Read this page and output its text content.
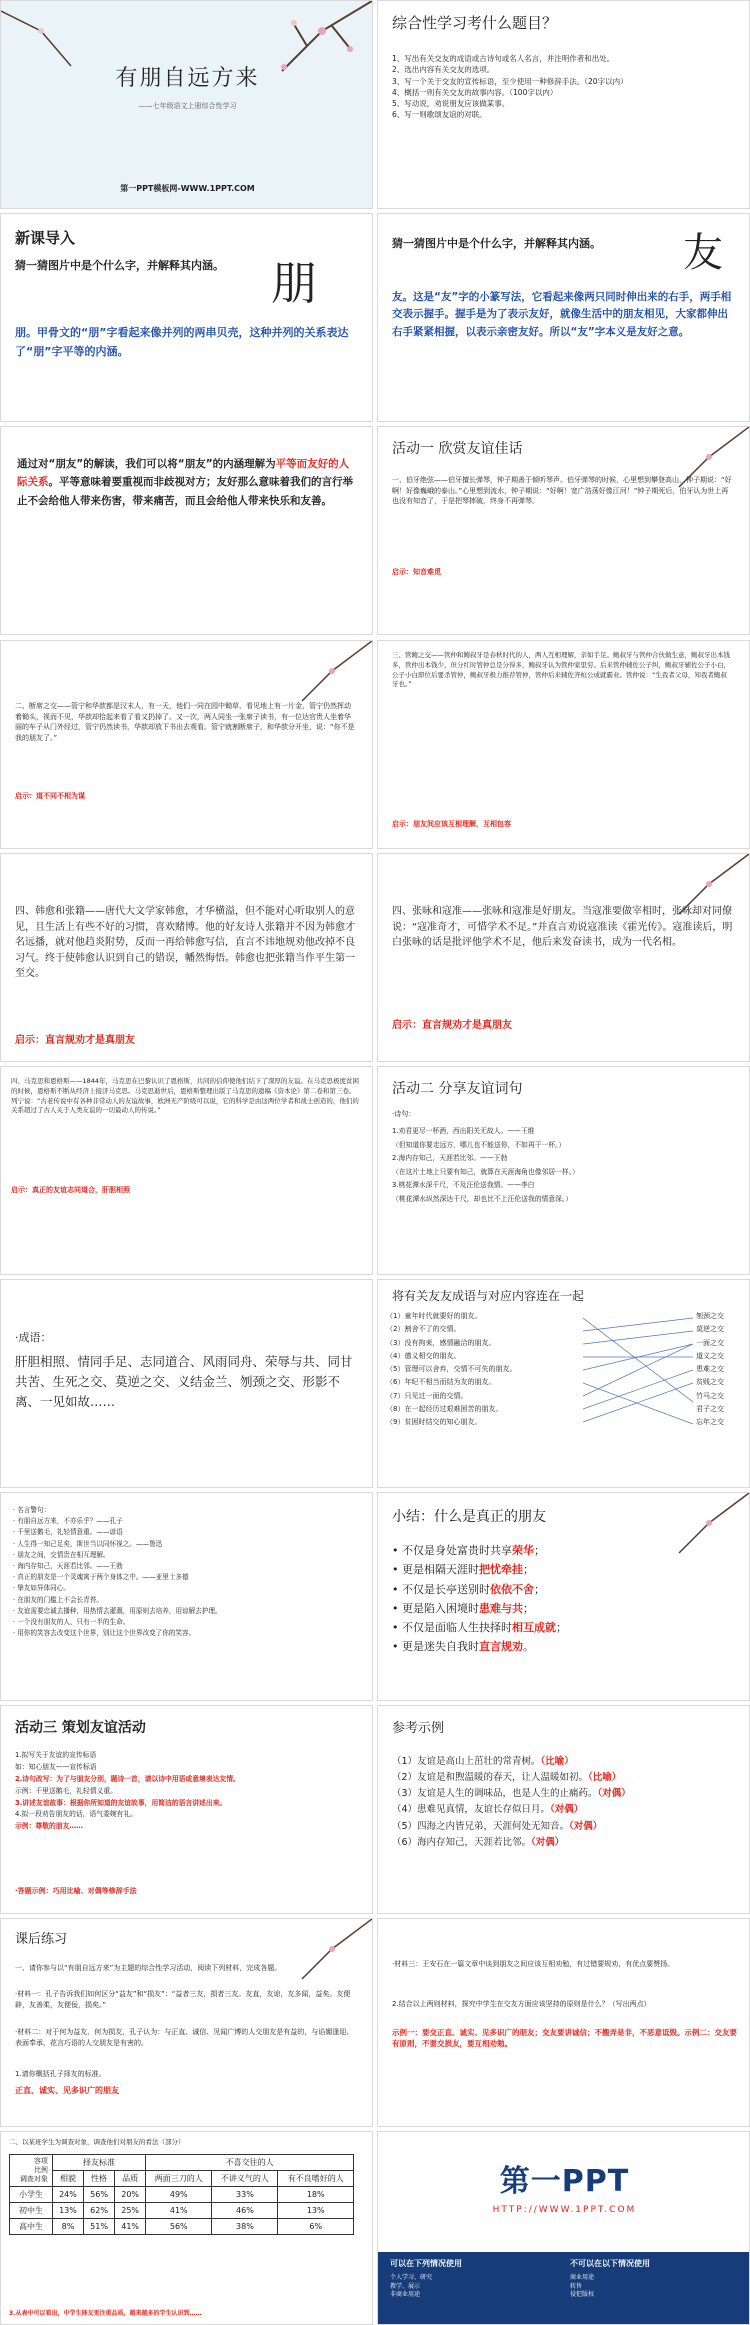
有朋自远方来
——七年级语文上册综合性学习
第一PPT模板网-WWW.1PPT.COM
综合性学习考什么题目？
1、写出有关交友的成语或古诗句或名人名言，并注明作者和出处。
2、选出内容有关交友的选项。
3、写一个关于交友的宣传标语，至少使用一种修辞手法。（20字以内）
4、概括一则有关交友的故事内容。（100字以内）
5、写动说，劝说朋友应该做某事。
6、写一则歌颂友谊的对联。
新课导入
猜一猜图片中是个什么字，并解释其内涵。	朋
朋。甲骨文的“朋”字看起来像并列的两串贝壳，这种并列的关系表达了“朋”字平等的内涵。
猜一猜图片中是个什么字，并解释其内涵。	友
友。这是“友”字的小篆写法，它看起来像两只同时伸出来的右手，两手相交表示握手。握手是为了表示友好，就像生活中的朋友相见，大家都伸出右手紧紧相握，以表示亲密友好。所以“友”字本义是友好之意。
通过对“朋友”的解读，我们可以将“朋友”的内涵理解为平等而友好的人际关系。平等意味着要重视而非歧视对方；友好那么意味着我们的言行举止不会给他人带来伤害，带来痛苦，而且会给他人带来快乐和友善。
活动一 欣赏友谊佳话
一、伯牙绝弦——伯牙擅长弹琴，钟子期善于倾听琴声。伯牙弹琴的时候，心里想到攀登高山，钟子期说：“好啊！好像巍峨的泰山。”心里想到流水，钟子期说：“好啊！宽广浩荡好像江河！”钟子期死后，伯牙认为世上再也没有知音了，于是把琴摔破，终身不再弹琴。
启示：知音难觅
二、断席之交——管宁和华歆都是汉末人，有一天，他们一同在园中锄草，看见地上有一片金，管宁仍然挥动着锄头，视而不见，华歆却拾起来看了看又扔掉了。又一次，两人同坐一张席子读书，有一位达官贵人坐着华丽的车子从门外经过，管宁仍然读书，华歆却放下书出去观看。管宁就割断席子，和华歆分开坐，说：“你不是我的朋友了。”
启示：道不同不相为谋
三、管鲍之交——管仲和鲍叔牙是春秋时代的人，两人互相理解，亲如手足。鲍叔牙与管仲合伙做生意，鲍叔牙出本钱多，管仲出本钱少，但分红时管仲总是分得多，鲍叔牙认为管仲家里穷。后来管仲辅佐公子纠，鲍叔牙辅佐公子小白，公子小白即位后要杀管仲，鲍叔牙极力推荐管仲，管仲后来辅佐齐桓公成就霸业。管仲说：“生我者父母，知我者鲍叔牙也。”
启示：朋友间应该互相理解，互相包容
四、韩愈和张籍——唐代大文学家韩愈，才华横溢，但不能对心听取别人的意见，且生活上有些不好的习惯，喜欢赌博。他的好友诗人张籍并不因为韩愈才名远播，就对他趋炎附势，反而一再给韩愈写信，直言不讳地规劝他改掉不良习气。终于使韩愈认识到自己的错误，幡然悔悟。韩愈也把张籍当作平生第一至交。
启示：直言规劝才是真朋友
四、张咏和寇准——张咏和寇准是好朋友。当寇准要做宰相时，张咏却对同僚说：“寇准奇才，可惜学术不足。”并直言劝说寇准读《霍光传》。寇准读后，明白张咏的话是批评他学术不足，他后来发奋读书，成为一代名相。
启示：直言规劝才是真朋友
四、马克思和恩格斯——1844年，马克思在巴黎认识了恩格斯，共同的信仰使他们结下了深厚的友谊。在马克思极度贫困的时候，恩格斯不断从经济上接济马克思。马克思逝世后，恩格斯整理出版了马克思的遗稿《资本论》第二卷和第三卷。列宁说：“古老传说中有各种非常动人的友谊故事，欧洲无产阶级可以说，它的科学是由这两位学者和战士创造的，他们的关系超过了古人关于人类友谊的一切最动人的传说。”
启示：真正的友谊志同道合，肝胆相照
活动二 分享友谊词句
·诗句：
1.劝君更尽一杯酒，西出阳关无故人。——王维
（但知道你要走远方，哪儿也不能送你，不如再干一杯。）
2.海内存知己，天涯若比邻。——王勃
（在这片土地上只要有知己，就算在天涯海角也像邻居一样。）
3.桃花潭水深千尺，不及汪伦送我情。——李白
（桃花潭水纵然深达千尺，却也比不上汪伦送我的情意深。）
·成语：
肝胆相照、情同手足、志同道合、风雨同舟、荣辱与共、同甘共苦、生死之交、莫逆之交、义结金兰、刎颈之交、形影不离、一见如故……
将有关友友成语与对应内容连在一起
（1）童年时代就要好的朋友。
（2）割舍不了的交情。
（3）没有拘束，感情融洽的朋友。
（4）德义相交的朋友。
（5）管理可以舍弃，交情不可失的朋友。
（6）年纪不相当而结为友的朋友。
（7）只见过一面的交情。
（8）在一起经历过艰难困苦的朋友。
（9）贫困时结交的知心朋友。
刎颈之交
莫逆之交
一面之交
道义之交
患难之交
贫贱之交
竹马之交
君子之交
忘年之交
· 名言警句：
· 有朋自远方来，不亦乐乎？——孔子
· 千里送鹅毛，礼轻情意重。——谚语
· 人生得一知己足矣，斯世当以同怀视之。——鲁迅
· 朋友之间，交情贵在相互理解。
· 海内存知己，天涯若比邻。——王勃
· 真正的朋友是一个灵魂寓于两个身体之中。——亚里士多德
· 挚友如异体同心。
· 在朋友的门槛上不会长青苔。
· 友谊需要忠诚去播种，用热情去灌溉，用原则去培养，用谅解去护理。
· 一个没有朋友的人，只有一半的生命。
· 用你的笑容去改变这个世界，别让这个世界改变了你的笑容。
小结：什么是真正的朋友
• 不仅是身处富贵时共享荣华；
• 更是相隔天涯时把忧牵挂；
• 不仅是长亭送别时依依不舍；
• 更是陷入困境时患难与共；
• 不仅是面临人生抉择时相互成就；
• 更是迷失自我时直言规劝。
活动三 策划友谊活动
1.拟写关于友谊的宣传标语
如：知心朋友——宣传标语
2.诗句改写：为了与朋友分别，题诗一首，请以诗中用语或意境表达友情。
示例：千里送鹅毛，礼轻情义重。
3.讲述友谊故事：根据你所知道的友谊故事，用简洁的语言讲述出来。
4.拟一段劝告朋友的话，语气委婉有礼。
示例：尊敬的朋友……
·答题示例：巧用比喻、对偶等修辞手法
参考示例
（1）友谊是高山上茁壮的常青树。（比喻）
（2）友谊是和煦温暖的春天，让人温暖如初。（比喻）
（3）友谊是人生的调味品，也是人生的止痛药。（对偶）
（4）患难见真情，友谊长存似日月。（对偶）
（5）四海之内皆兄弟，天涯何处无知音。（对偶）
（6）海内存知己，天涯若比邻。（对偶）
课后练习
一、请你参与以“有朋自远方来”为主题的综合性学习活动，阅读下列材料，完成各题。
·材料一：孔子告诉我们如何区分“益友”和“损友”：“益者三友，损者三友。友直，友谅，友多闻，益矣。友便辟，友善柔，友便佞，损矣。”
·材料二：对于何为益友、何为损友，孔子认为：与正直、诚信、见闻广博的人交朋友是有益的，与谄媚逢迎、表面奉承、花言巧语的人交朋友是有害的。
1.请你概括孔子择友的标准。
正直、诚实、见多识广的朋友
·材料三：王安石在一篇文章中谈到朋友之间应该互相劝勉，有过错要规劝，有优点要赞扬。
2.结合以上两则材料，探究中学生在交友方面应该坚持的原则是什么？（写出两点）
示例一：要交正直、诚实、见多识广的朋友；交友要讲诚信；不搬弄是非，不恶意诋毁。示例二：交友要有原则，不要交损友，要互相劝勉。
二、以某班学生为调查对象，调查他们对朋友的看法（部分）
容项
比例
调查对象	择友标准			不喜交往的人		
	相貌	性格	品质	两面三刀的人	不讲义气的人	有不良嗜好的人
小学生	24%	56%	20%	49%	33%	18%
初中生	13%	62%	25%	41%	46%	13%
高中生	8%	51%	41%	56%	38%	6%
3.从表中可以看出，中学生择友更注重品质，越来越多的学生认识到……
第一PPT
HTTP://WWW.1PPT.COM
可以在下列情况使用	不可以在以下情况使用
个人学习、研究
教学、展示
非商业用途
商业用途
转售
侵犯版权
